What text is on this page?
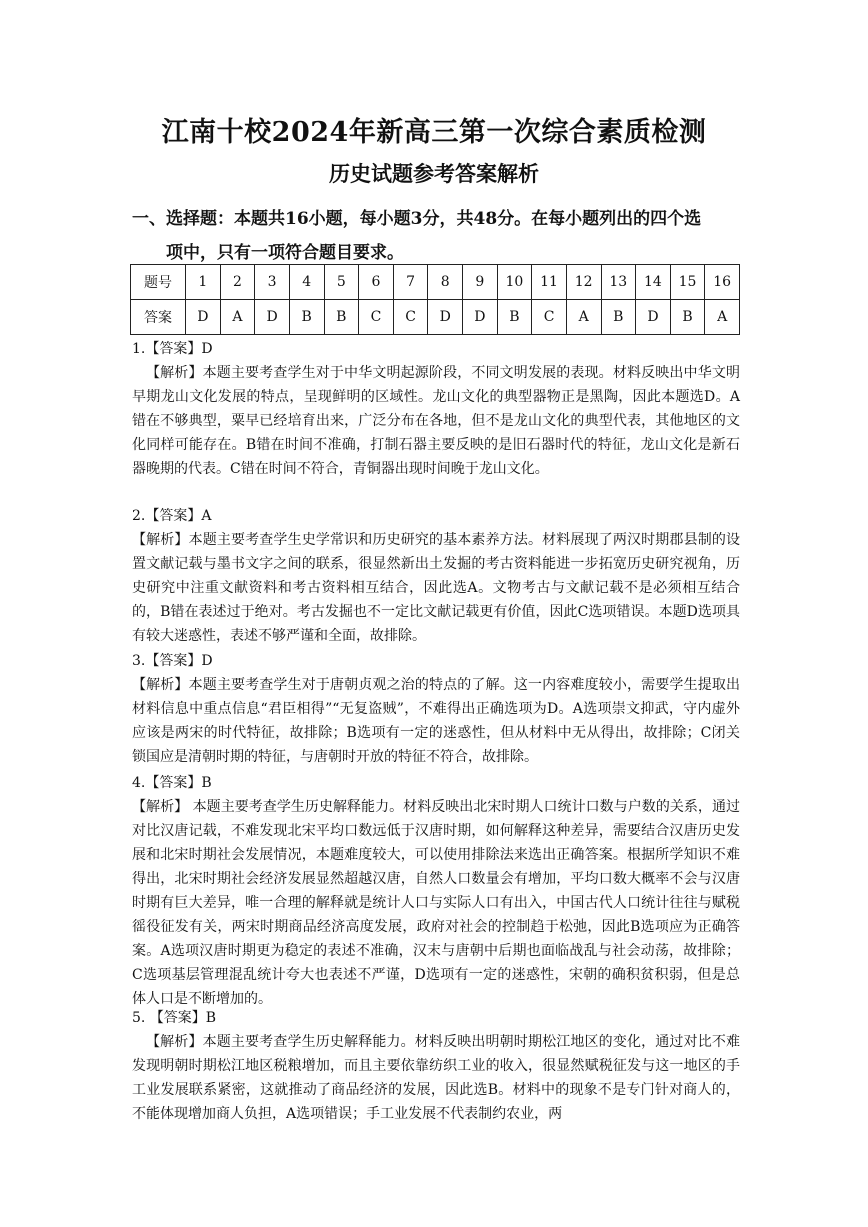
江南十校2024年新高三第一次综合素质检测
历史试题参考答案解析
一、选择题：本题共16小题，每小题3分，共48分。在每小题列出的四个选
项中，只有一项符合题目要求。
题号	1	2	3	4	5	6	7	8	9	10	11	12	13	14	15	16
答案	D	A	D	B	B	C	C	D	D	B	C	A	B	D	B	A
1.【答案】D
【解析】本题主要考查学生对于中华文明起源阶段，不同文明发展的表现。材料反映出中华文明早期龙山文化发展的特点，呈现鲜明的区域性。龙山文化的典型器物正是黑陶，因此本题选D。A错在不够典型，粟早已经培育出来，广泛分布在各地，但不是龙山文化的典型代表，其他地区的文化同样可能存在。B错在时间不准确，打制石器主要反映的是旧石器时代的特征，龙山文化是新石器晚期的代表。C错在时间不符合，青铜器出现时间晚于龙山文化。
2.【答案】A
【解析】本题主要考查学生史学常识和历史研究的基本素养方法。材料展现了两汉时期郡县制的设置文献记载与墨书文字之间的联系，很显然新出土发掘的考古资料能进一步拓宽历史研究视角，历史研究中注重文献资料和考古资料相互结合，因此选A。文物考古与文献记载不是必须相互结合的，B错在表述过于绝对。考古发掘也不一定比文献记载更有价值，因此C选项错误。本题D选项具有较大迷惑性，表述不够严谨和全面，故排除。
3.【答案】D
【解析】本题主要考查学生对于唐朝贞观之治的特点的了解。这一内容难度较小，需要学生提取出材料信息中重点信息“君臣相得”“无复盗贼”，不难得出正确选项为D。A选项崇文抑武，守内虚外应该是两宋的时代特征，故排除；B选项有一定的迷惑性，但从材料中无从得出，故排除；C闭关锁国应是清朝时期的特征，与唐朝时开放的特征不符合，故排除。
4.【答案】B
【解析】 本题主要考查学生历史解释能力。材料反映出北宋时期人口统计口数与户数的关系，通过对比汉唐记载，不难发现北宋平均口数远低于汉唐时期，如何解释这种差异，需要结合汉唐历史发展和北宋时期社会发展情况，本题难度较大，可以使用排除法来选出正确答案。根据所学知识不难得出，北宋时期社会经济发展显然超越汉唐，自然人口数量会有增加，平均口数大概率不会与汉唐时期有巨大差异，唯一合理的解释就是统计人口与实际人口有出入，中国古代人口统计往往与赋税徭役征发有关，两宋时期商品经济高度发展，政府对社会的控制趋于松弛，因此B选项应为正确答案。A选项汉唐时期更为稳定的表述不准确，汉末与唐朝中后期也面临战乱与社会动荡，故排除；C选项基层管理混乱统计夸大也表述不严谨，D选项有一定的迷惑性，宋朝的确积贫积弱，但是总体人口是不断增加的。
5. 【答案】B
【解析】本题主要考查学生历史解释能力。材料反映出明朝时期松江地区的变化，通过对比不难发现明朝时期松江地区税粮增加，而且主要依靠纺织工业的收入，很显然赋税征发与这一地区的手工业发展联系紧密，这就推动了商品经济的发展，因此选B。材料中的现象不是专门针对商人的，不能体现增加商人负担，A选项错误；手工业发展不代表制约农业，两
